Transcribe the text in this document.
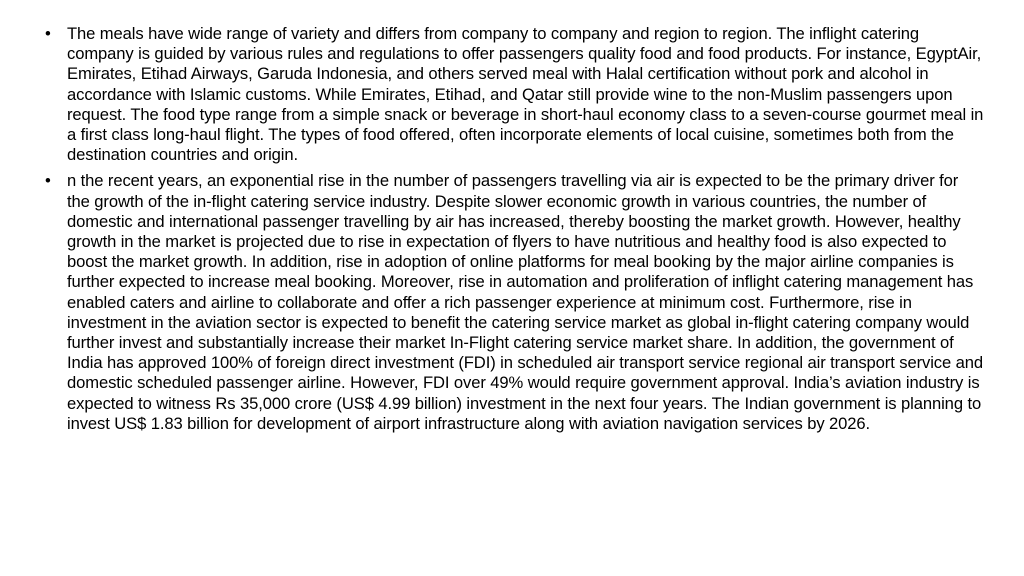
• The meals have wide range of variety and differs from company to company and region to region. The inflight catering company is guided by various rules and regulations to offer passengers quality food and food products. For instance, EgyptAir, Emirates, Etihad Airways, Garuda Indonesia, and others served meal with Halal certification without pork and alcohol in accordance with Islamic customs. While Emirates, Etihad, and Qatar still provide wine to the non-Muslim passengers upon request. The food type range from a simple snack or beverage in short-haul economy class to a seven-course gourmet meal in a first class long-haul flight. The types of food offered, often incorporate elements of local cuisine, sometimes both from the destination countries and origin.
• n the recent years, an exponential rise in the number of passengers travelling via air is expected to be the primary driver for the growth of the in-flight catering service industry. Despite slower economic growth in various countries, the number of domestic and international passenger travelling by air has increased, thereby boosting the market growth. However, healthy growth in the market is projected due to rise in expectation of flyers to have nutritious and healthy food is also expected to boost the market growth. In addition, rise in adoption of online platforms for meal booking by the major airline companies is further expected to increase meal booking. Moreover, rise in automation and proliferation of inflight catering management has enabled caters and airline to collaborate and offer a rich passenger experience at minimum cost. Furthermore, rise in investment in the aviation sector is expected to benefit the catering service market as global in-flight catering company would further invest and substantially increase their market In-Flight catering service market share. In addition, the government of India has approved 100% of foreign direct investment (FDI) in scheduled air transport service regional air transport service and domestic scheduled passenger airline. However, FDI over 49% would require government approval. India’s aviation industry is expected to witness Rs 35,000 crore (US$ 4.99 billion) investment in the next four years. The Indian government is planning to invest US$ 1.83 billion for development of airport infrastructure along with aviation navigation services by 2026.
